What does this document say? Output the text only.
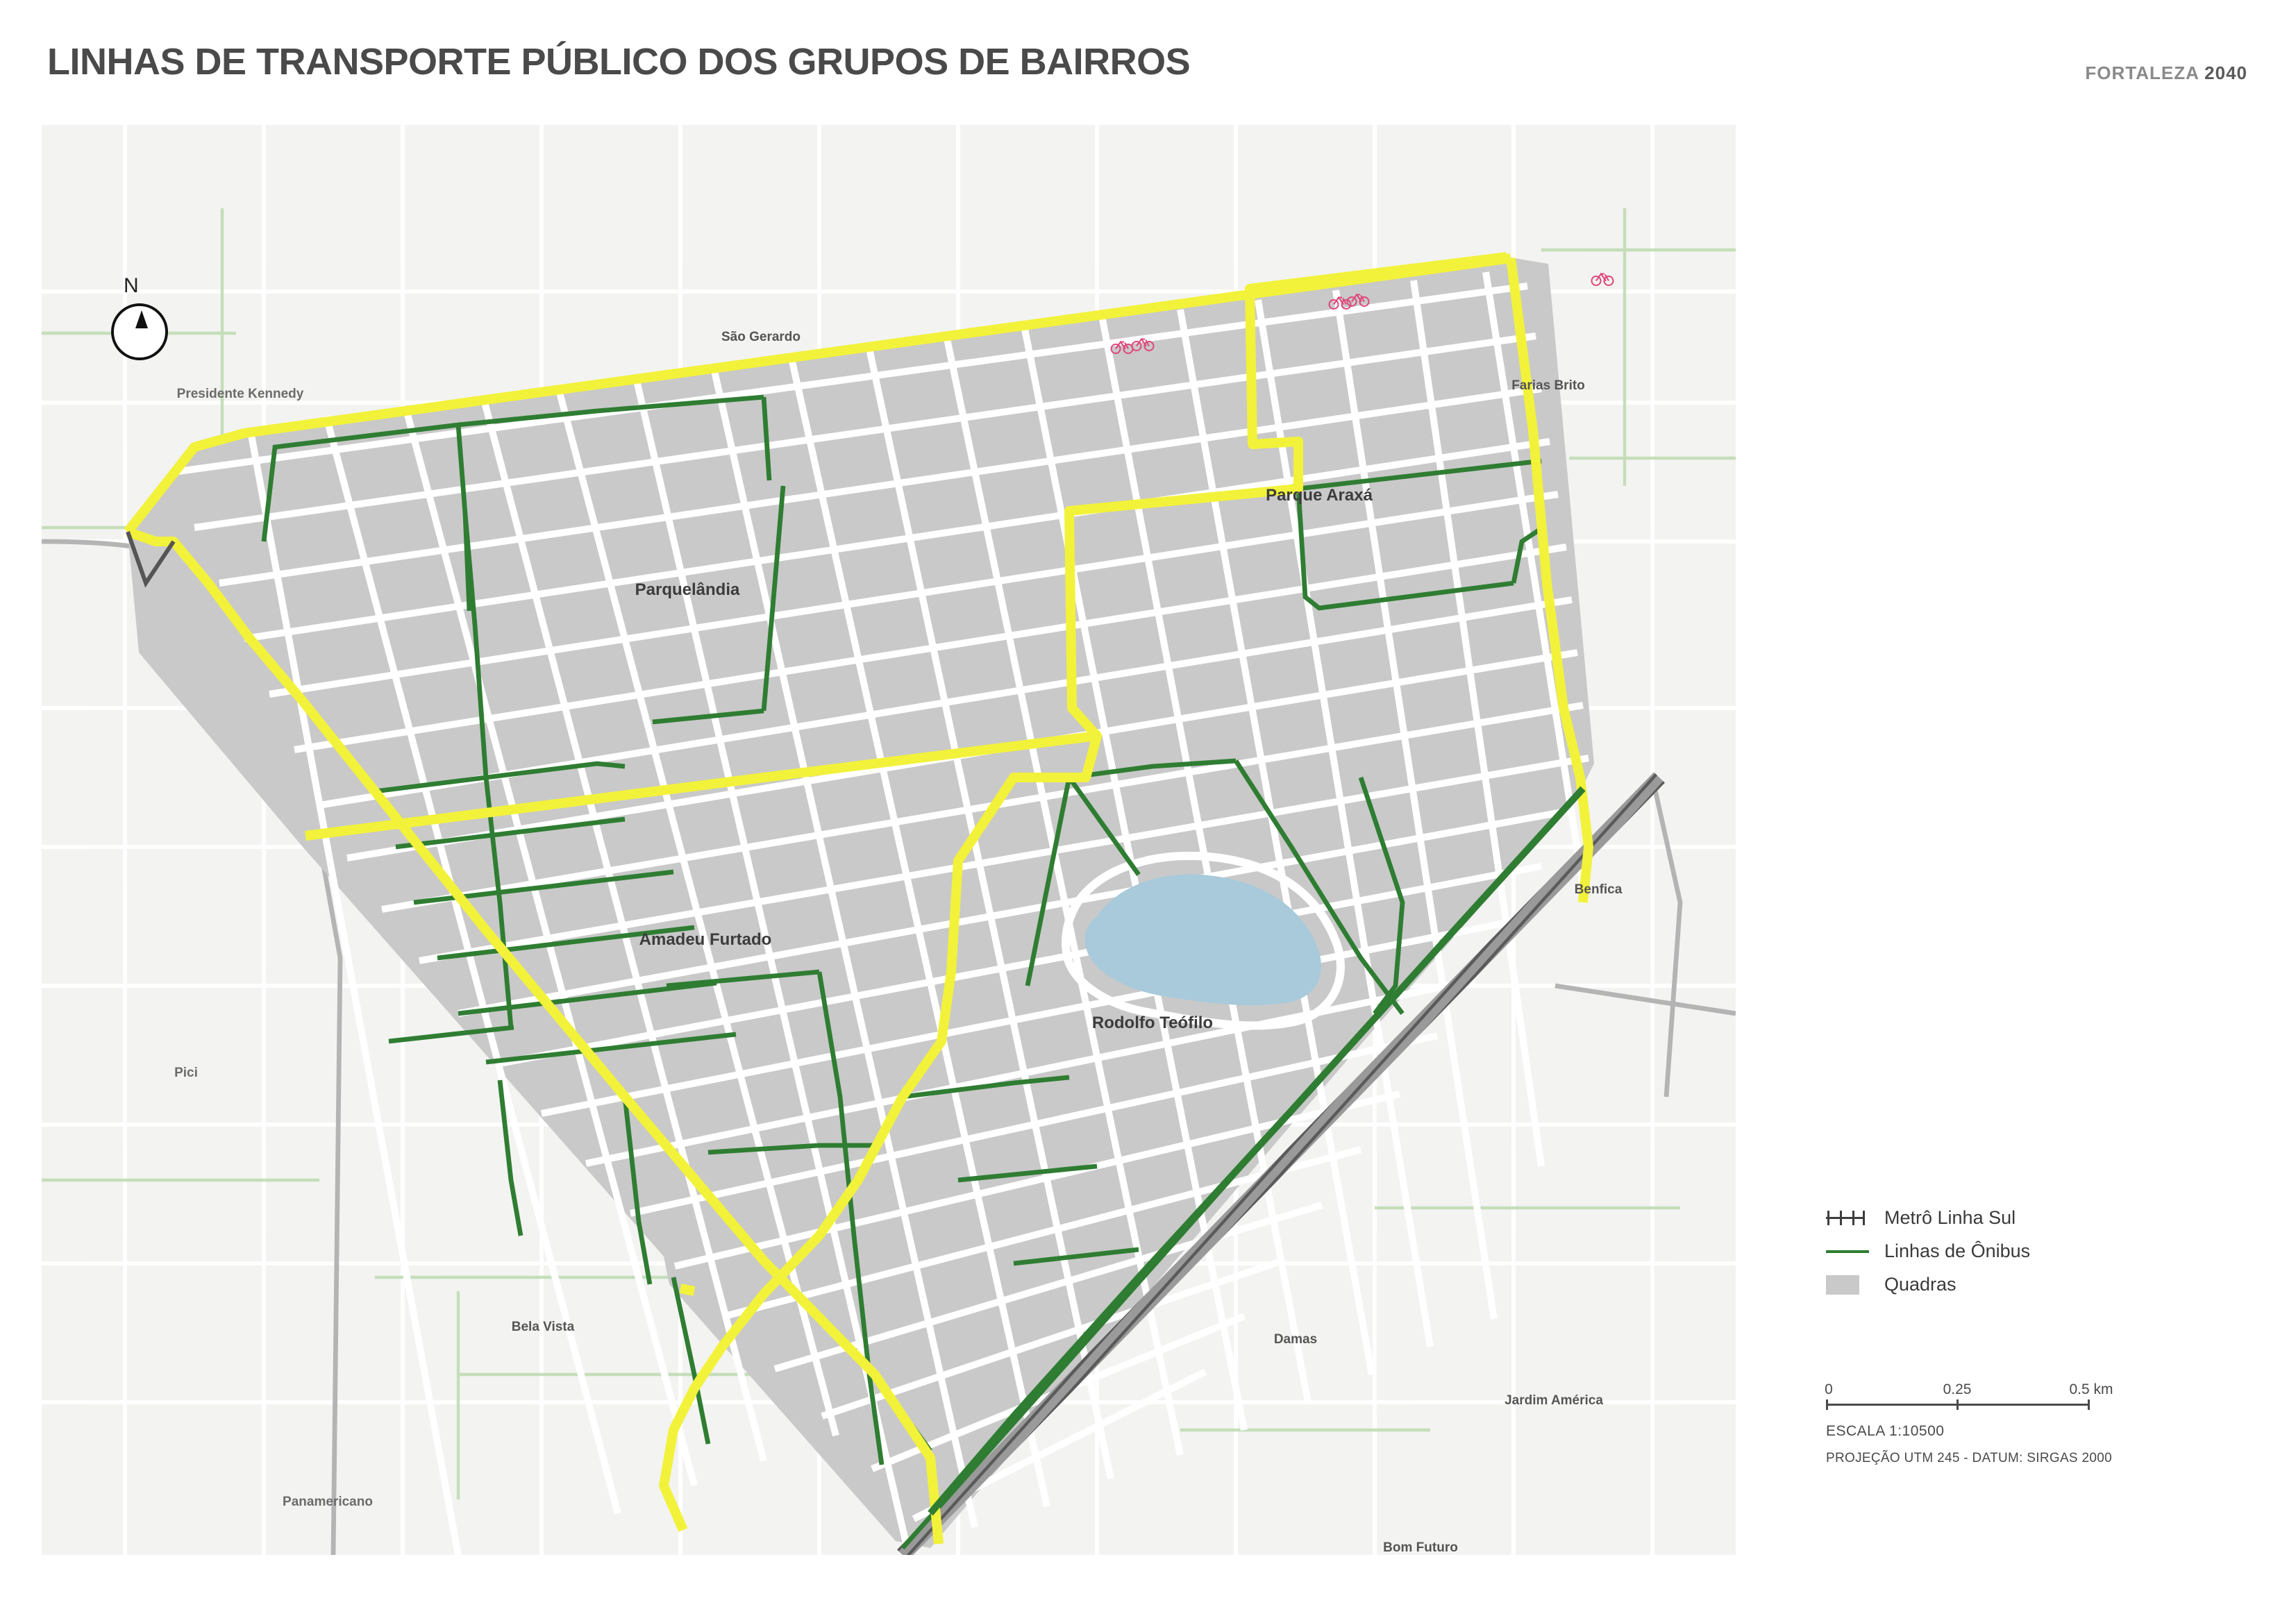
LINHAS DE TRANSPORTE PÚBLICO DOS GRUPOS DE BAIRROS	FORTALEZA 2040
N
Parquelândia
Parque Araxá
Amadeu Furtado
Rodolfo Teófilo
São Gerardo
Farias Brito
Benfica
Damas
Bela Vista
Jardim América
Bom Futuro
Presidente Kennedy
Pici
Panamericano
Metrô Linha Sul
Linhas de Ônibus
Quadras
0	0.25	0.5 km
ESCALA 1:10500
PROJEÇÃO UTM 245 - DATUM: SIRGAS 2000
